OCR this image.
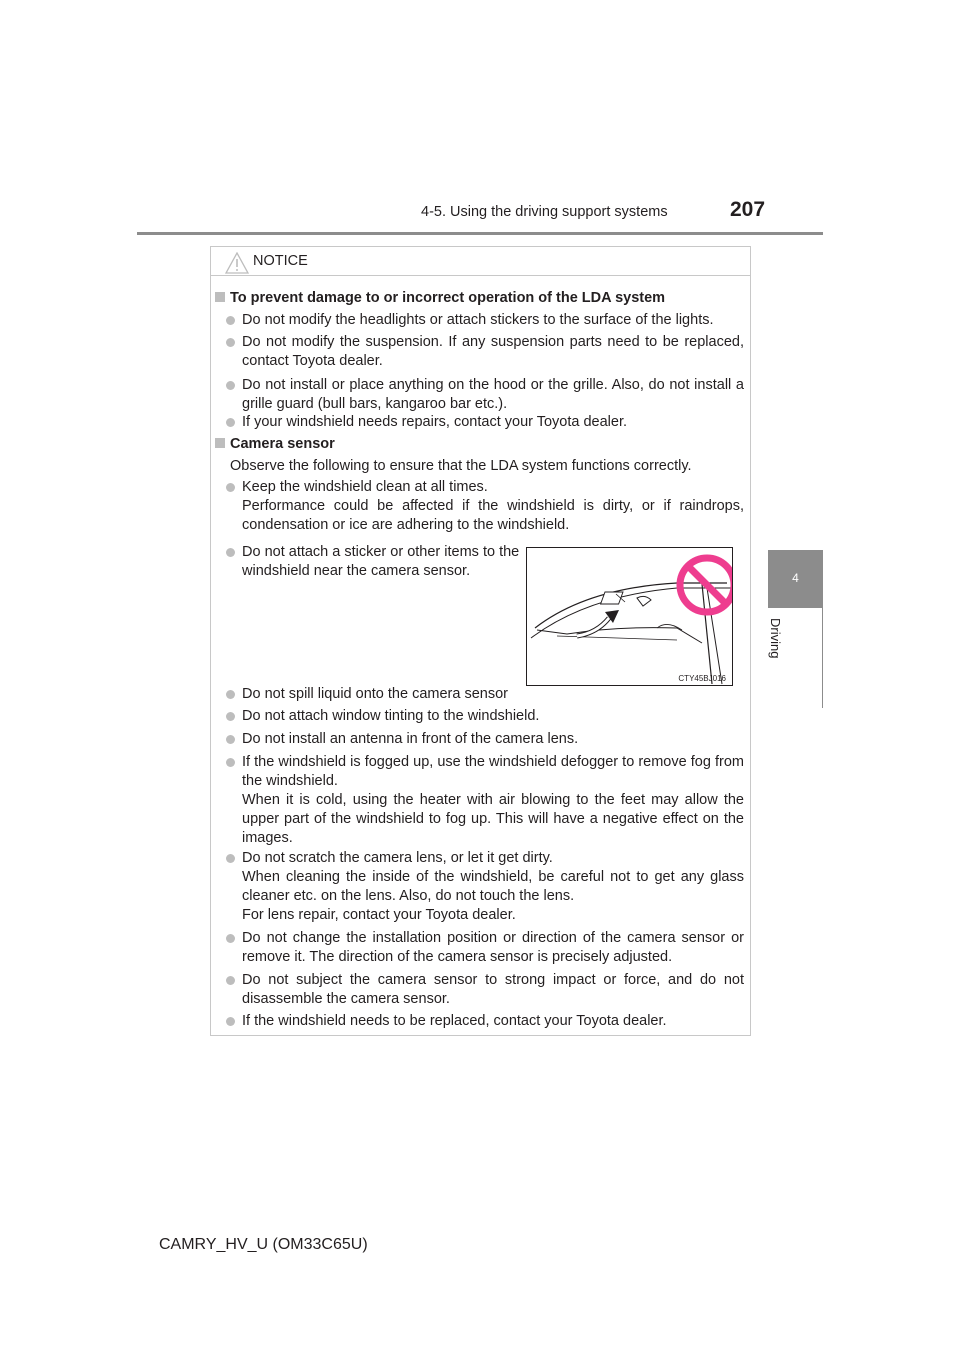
4-5. Using the driving support systems	207
4
Driving
NOTICE
To prevent damage to or incorrect operation of the LDA system
Do not modify the headlights or attach stickers to the surface of the lights.
Do not modify the suspension. If any suspension parts need to be replaced, contact Toyota dealer.
Do not install or place anything on the hood or the grille. Also, do not install a grille guard (bull bars, kangaroo bar etc.).
If your windshield needs repairs, contact your Toyota dealer.
Camera sensor
Observe the following to ensure that the LDA system functions correctly.
Keep the windshield clean at all times.
Performance could be affected if the windshield is dirty, or if raindrops, condensation or ice are adhering to the windshield.
Do not attach a sticker or other items to the windshield near the camera sensor.
CTY45BJ016
Do not spill liquid onto the camera sensor
Do not attach window tinting to the windshield.
Do not install an antenna in front of the camera lens.
If the windshield is fogged up, use the windshield defogger to remove fog from the windshield.
When it is cold, using the heater with air blowing to the feet may allow the upper part of the windshield to fog up. This will have a negative effect on the images.
Do not scratch the camera lens, or let it get dirty.
When cleaning the inside of the windshield, be careful not to get any glass cleaner etc. on the lens. Also, do not touch the lens.
For lens repair, contact your Toyota dealer.
Do not change the installation position or direction of the camera sensor or remove it. The direction of the camera sensor is precisely adjusted.
Do not subject the camera sensor to strong impact or force, and do not disassemble the camera sensor.
If the windshield needs to be replaced, contact your Toyota dealer.
CAMRY_HV_U (OM33C65U)
